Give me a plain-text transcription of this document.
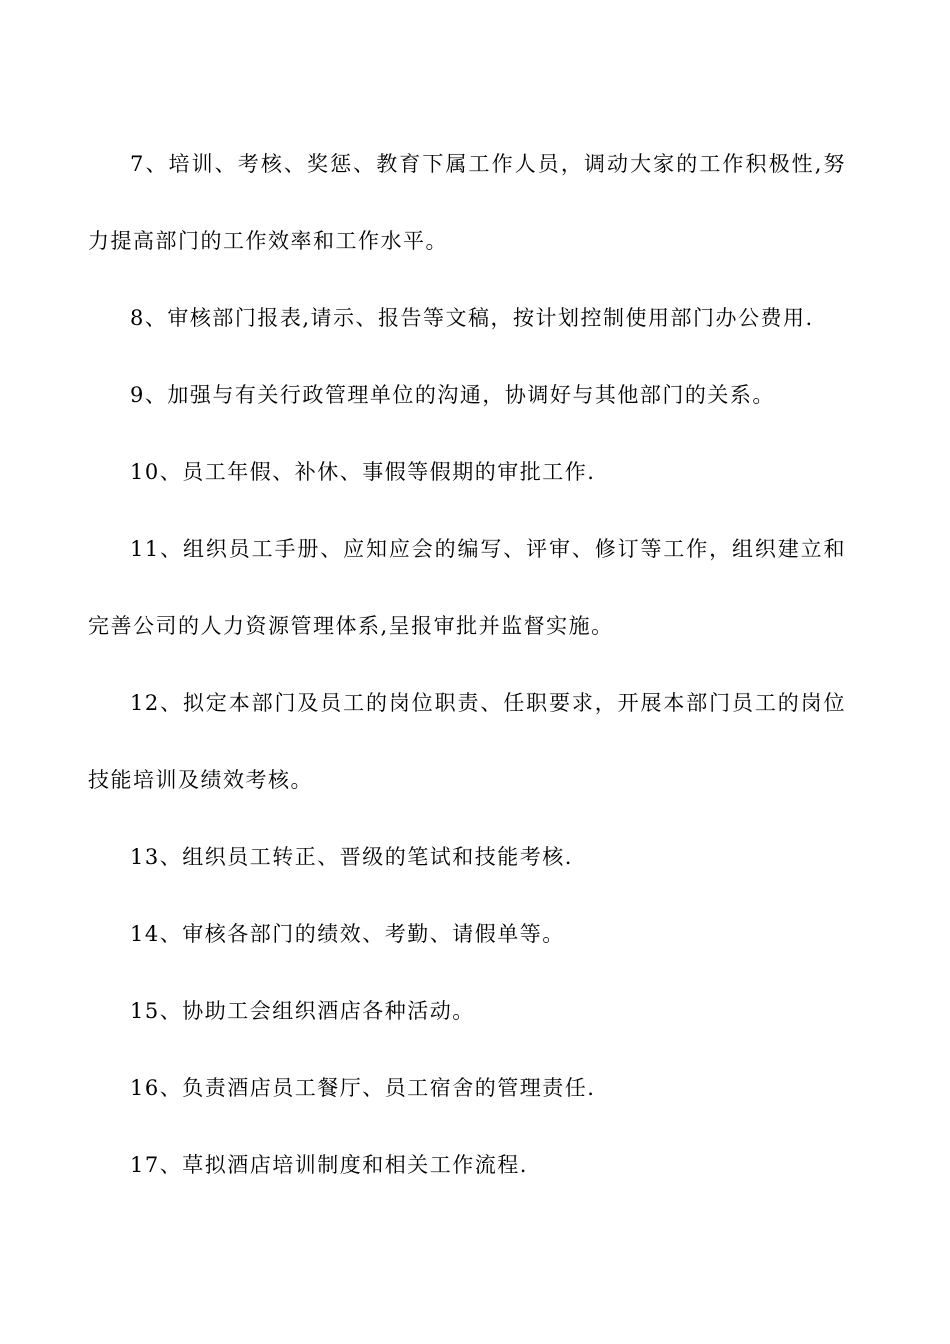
7、培训、考核、奖惩、教育下属工作人员，调动大家的工作积极性,努力提高部门的工作效率和工作水平。

8、审核部门报表,请示、报告等文稿，按计划控制使用部门办公费用.

9、加强与有关行政管理单位的沟通，协调好与其他部门的关系。

10、员工年假、补休、事假等假期的审批工作.

11、组织员工手册、应知应会的编写、评审、修订等工作，组织建立和完善公司的人力资源管理体系,呈报审批并监督实施。

12、拟定本部门及员工的岗位职责、任职要求，开展本部门员工的岗位技能培训及绩效考核。

13、组织员工转正、晋级的笔试和技能考核.

14、审核各部门的绩效、考勤、请假单等。

15、协助工会组织酒店各种活动。

16、负责酒店员工餐厅、员工宿舍的管理责任.

17、草拟酒店培训制度和相关工作流程.
